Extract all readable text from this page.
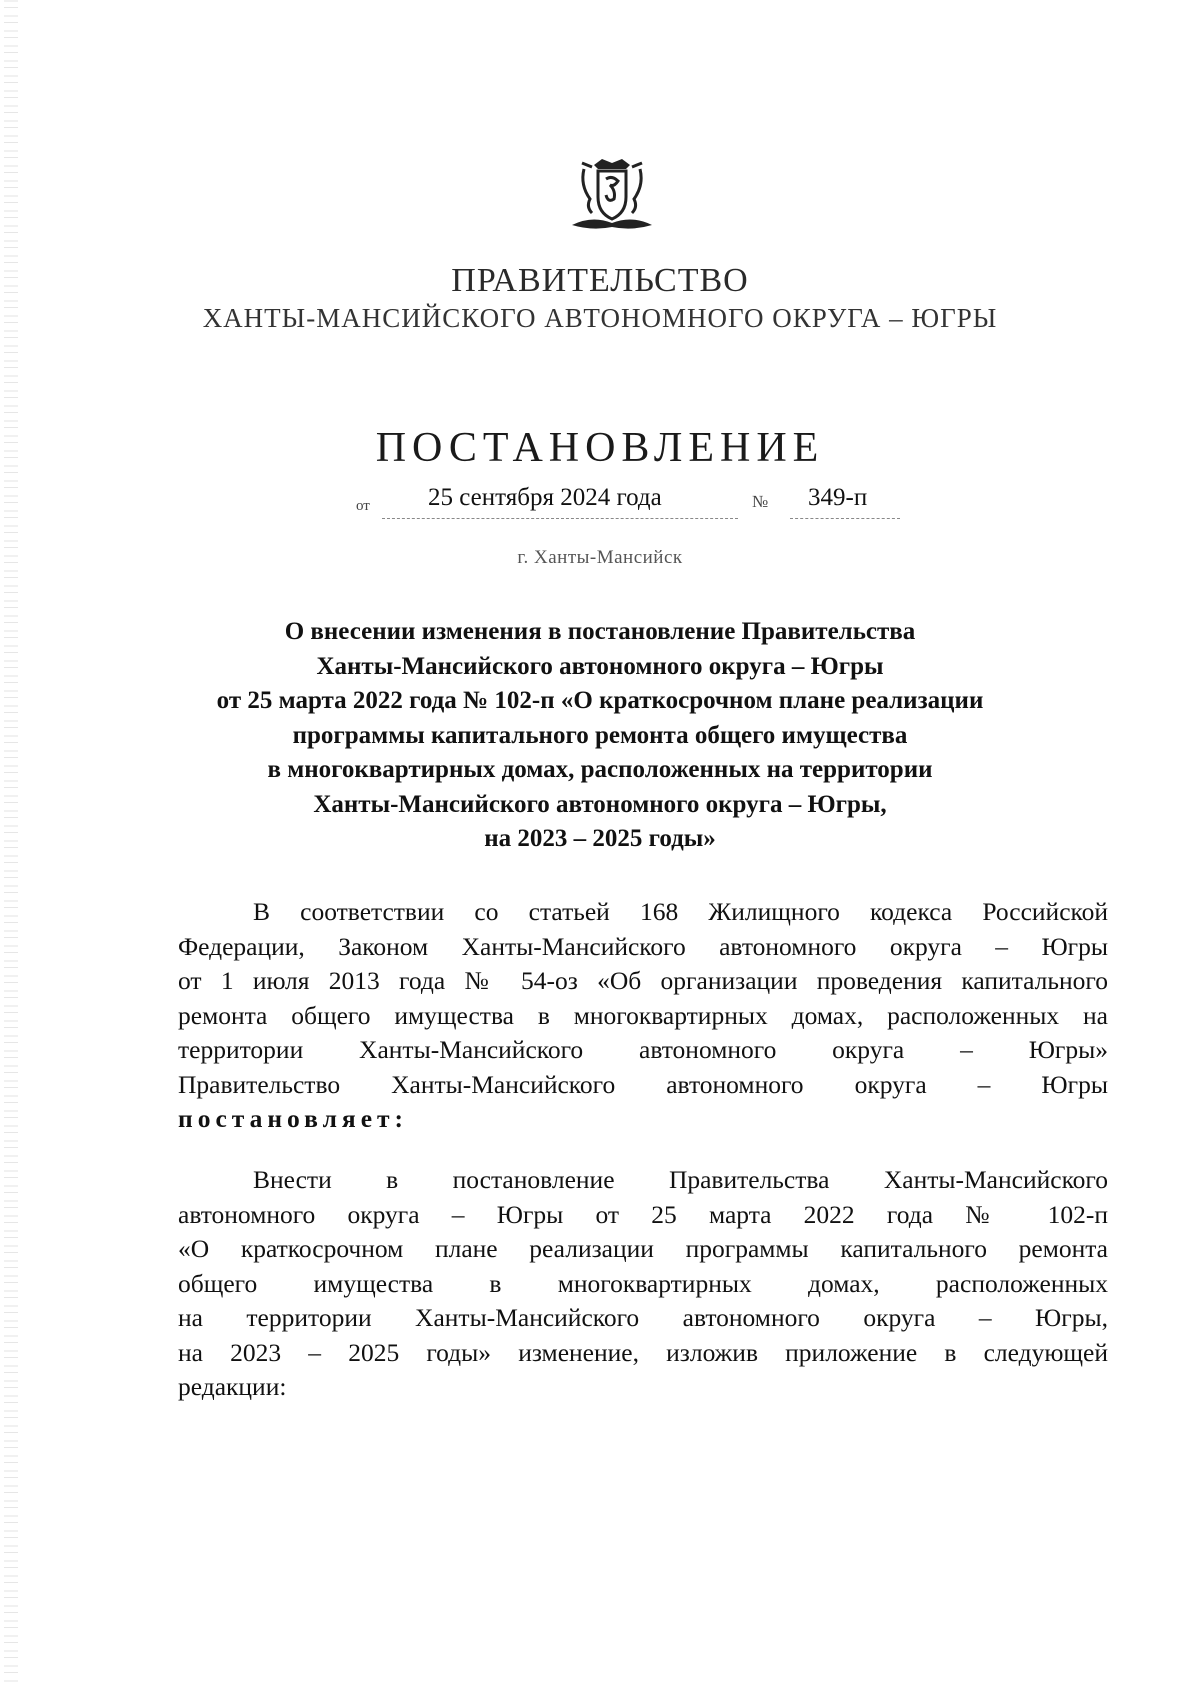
ПРАВИТЕЛЬСТВО
ХАНТЫ-МАНСИЙСКОГО АВТОНОМНОГО ОКРУГА – ЮГРЫ
ПОСТАНОВЛЕНИЕ
от 25 сентября 2024 года	№ 349-п
г. Ханты-Мансийск
О внесении изменения в постановление Правительства
Ханты-Мансийского автономного округа – Югры
от 25 марта 2022 года № 102-п «О краткосрочном плане реализации
программы капитального ремонта общего имущества
в многоквартирных домах, расположенных на территории
Ханты-Мансийского автономного округа – Югры,
на 2023 – 2025 годы»
В соответствии со статьей 168 Жилищного кодекса Российской
Федерации, Законом Ханты-Мансийского автономного округа – Югры
от 1 июля 2013 года № 54-оз «Об организации проведения капитального
ремонта общего имущества в многоквартирных домах, расположенных на
территории Ханты-Мансийского автономного округа – Югры»
Правительство Ханты-Мансийского автономного округа – Югры
постановляет:
Внести в постановление Правительства Ханты-Мансийского
автономного округа – Югры от 25 марта 2022 года № 102-п
«О краткосрочном плане реализации программы капитального ремонта
общего имущества в многоквартирных домах, расположенных
на территории Ханты-Мансийского автономного округа – Югры,
на 2023 – 2025 годы» изменение, изложив приложение в следующей
редакции:
